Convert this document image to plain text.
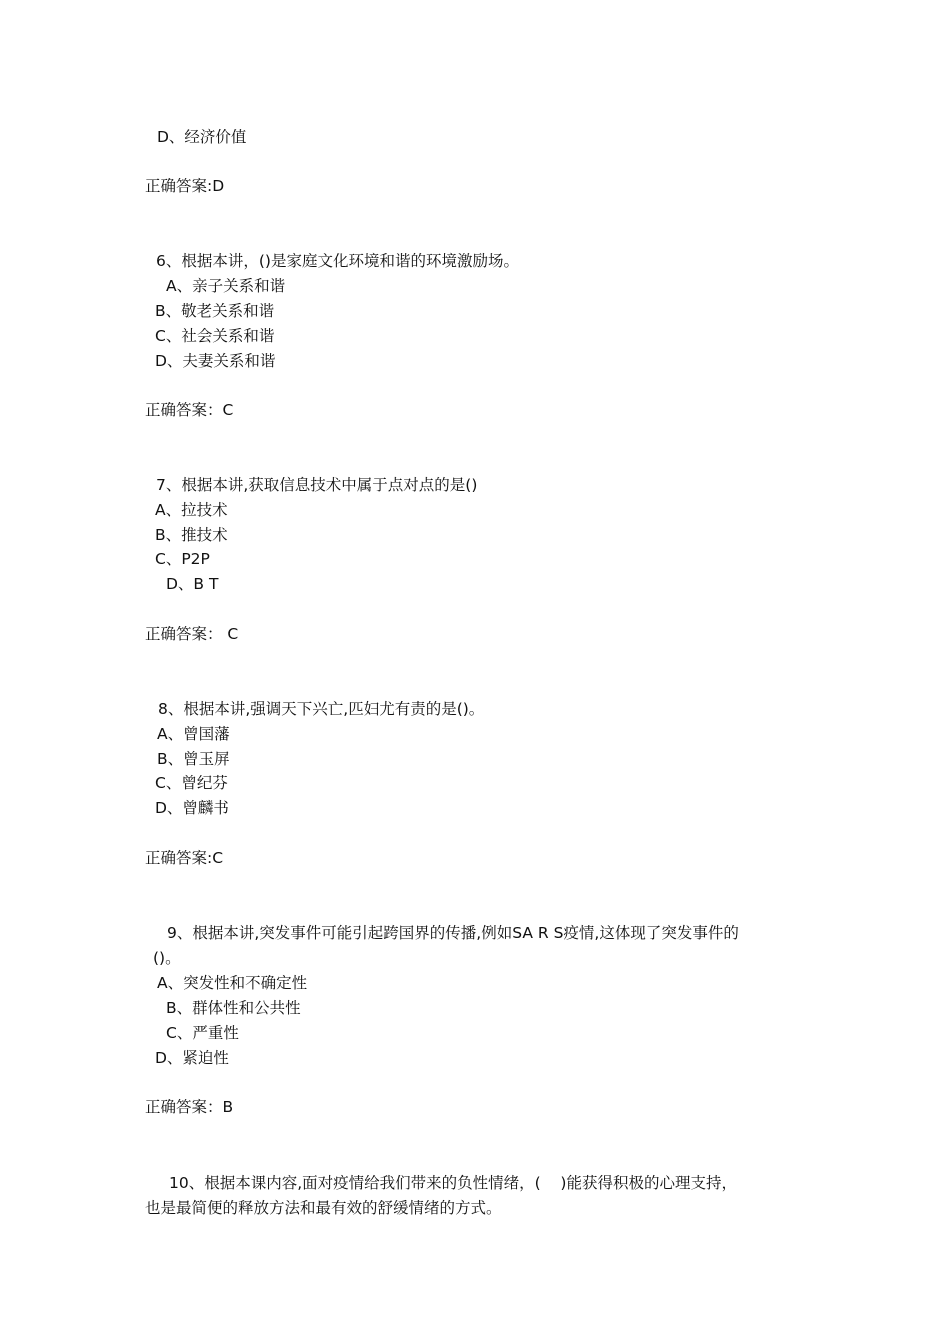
D、经济价值
正确答案:D
6、根据本讲，()是家庭文化环境和谐的环境激励场。
A、亲子关系和谐
B、敬老关系和谐
C、社会关系和谐
D、夫妻关系和谐
正确答案：C
7、根据本讲,获取信息技术中属于点对点的是()
A、拉技术
B、推技术
C、P2P
D、B T
正确答案： C
8、根据本讲,强调天下兴亡,匹妇尤有责的是()。
A、曾国藩
B、曾玉屏
C、曾纪芬
D、曾麟书
正确答案:C
9、根据本讲,突发事件可能引起跨国界的传播,例如SA R S疫情,这体现了突发事件的
()。
A、突发性和不确定性
B、群体性和公共性
C、严重性
D、紧迫性
正确答案：B
10、根据本课内容,面对疫情给我们带来的负性情绪，(    )能获得积极的心理支持，
也是最简便的释放方法和最有效的舒缓情绪的方式。
